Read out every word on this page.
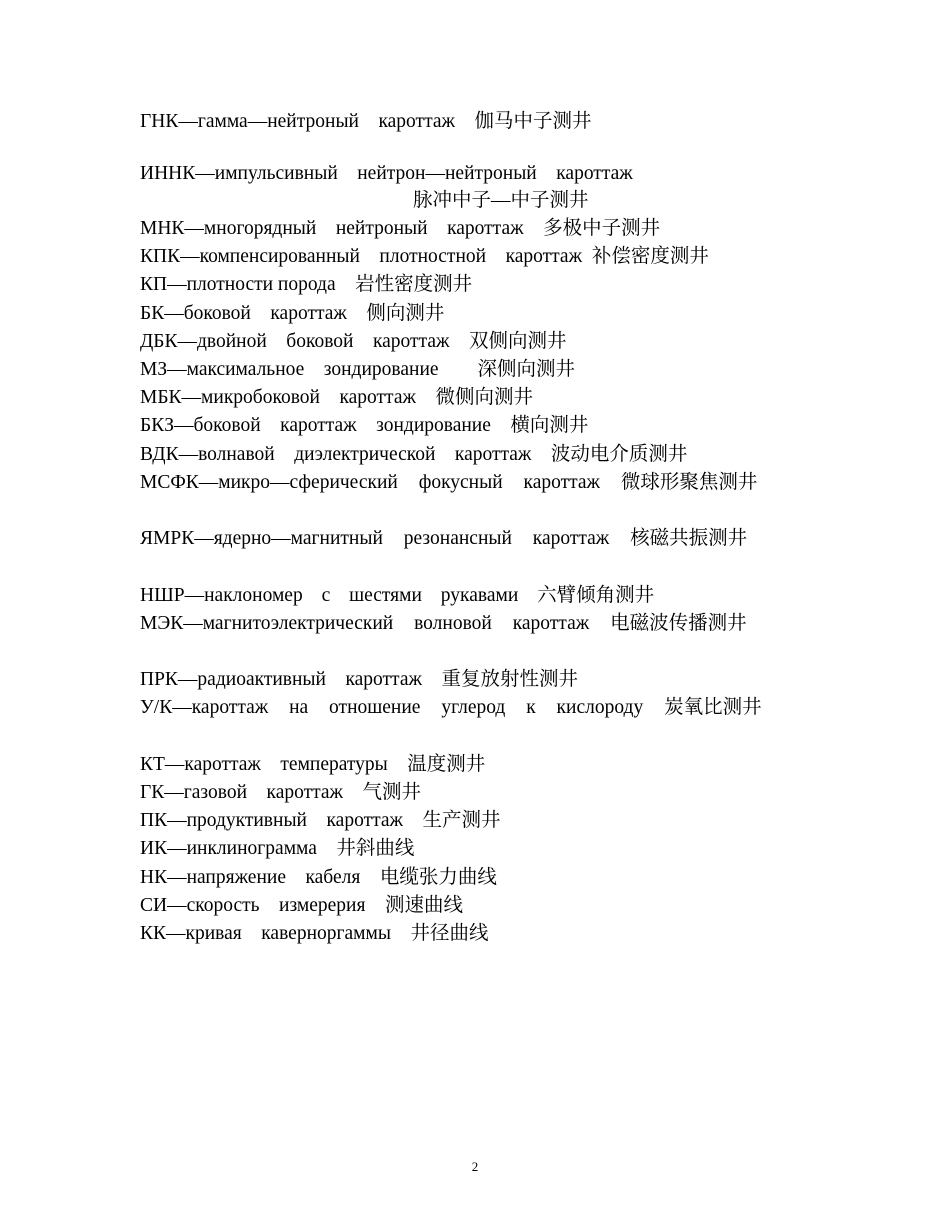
ГНК—гамма—нейтроный    кароттаж    伽马中子测井
ИННК—импульсивный    нейтрон—нейтроный    кароттаж
脉冲中子—中子测井
МНК—многорядный    нейтроный    кароттаж    多极中子测井
КПК—компенсированный    плотностной    кароттаж  补偿密度测井
КП—плотности порода    岩性密度测井
БК—боковой    кароттаж    侧向测井
ДБК—двойной    боковой    кароттаж    双侧向测井
МЗ—максимальное    зондирование        深侧向测井
МБК—микробоковой    кароттаж    微侧向测井
БКЗ—боковой    кароттаж    зондирование    横向测井
ВДК—волнавой    диэлектрической    кароттаж    波动电介质测井
МСФК—микро—сферический фокусный кароттаж 微球形聚焦测井
ЯМРК—ядерно—магнитный резонансный кароттаж 核磁共振测井
НШР—наклономер с шестями рукавами 六臂倾角测井
МЭК—магнитоэлектрический волновой кароттаж 电磁波传播测井
ПРК—радиоактивный    кароттаж    重复放射性测井
У/К—кароттаж на отношение углерод к кислороду 炭氧比测井
КТ—кароттаж    температуры    温度测井
ГК—газовой    кароттаж    气测井
ПК—продуктивный    кароттаж    生产测井
ИК—инклинограмма    井斜曲线
НК—напряжение    кабеля    电缆张力曲线
СИ—скорость    измерерия    测速曲线
КК—кривая    каверноргаммы    井径曲线
2
